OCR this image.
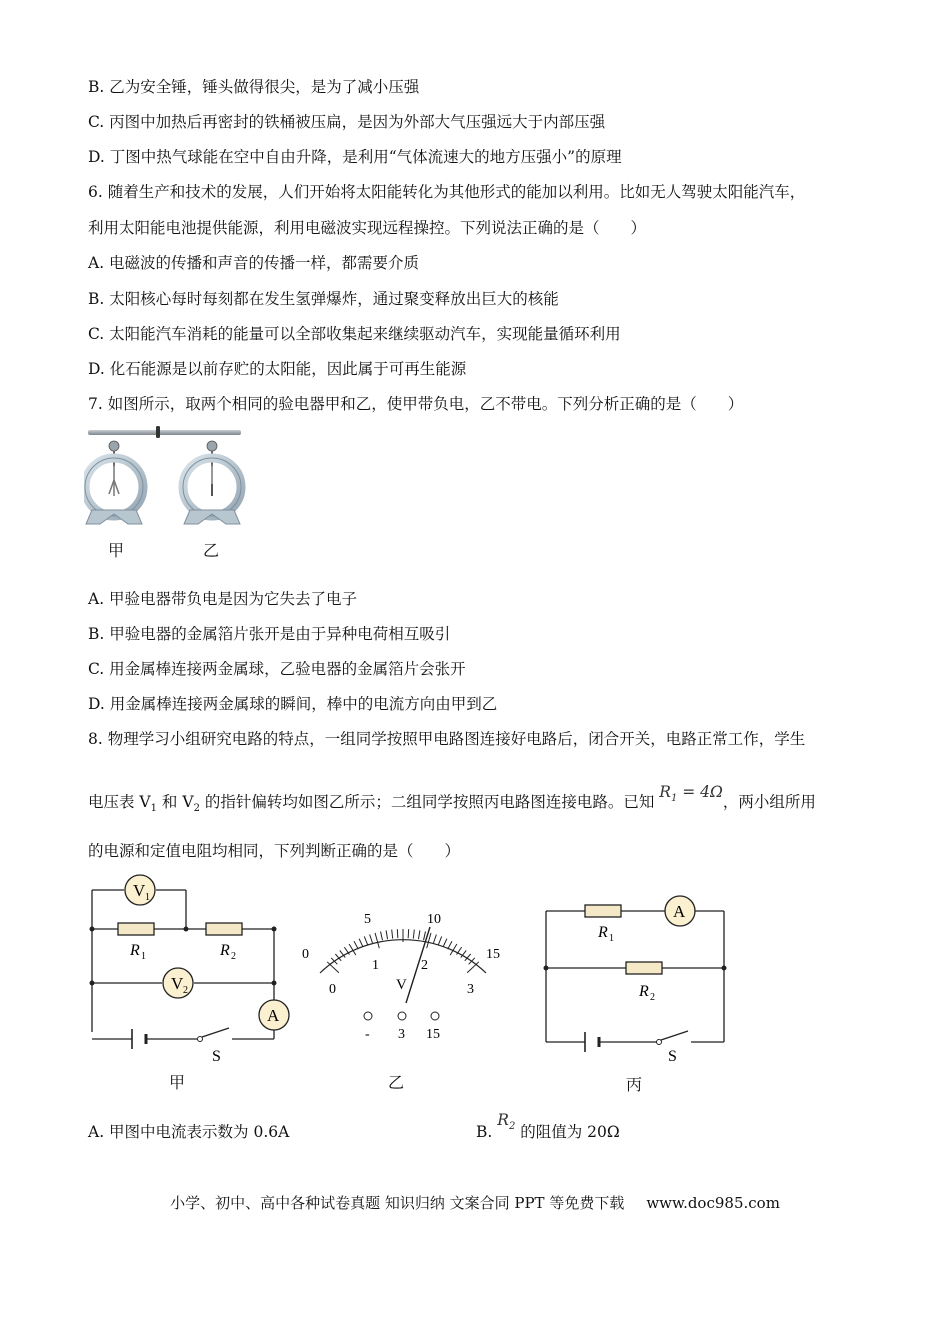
B. 乙为安全锤，锤头做得很尖，是为了减小压强
C. 丙图中加热后再密封的铁桶被压扁，是因为外部大气压强远大于内部压强
D. 丁图中热气球能在空中自由升降，是利用“气体流速大的地方压强小”的原理
6. 随着生产和技术的发展，人们开始将太阳能转化为其他形式的能加以利用。比如无人驾驶太阳能汽车，
利用太阳能电池提供能源，利用电磁波实现远程操控。下列说法正确的是（　　）
A. 电磁波的传播和声音的传播一样，都需要介质
B. 太阳核心每时每刻都在发生氢弹爆炸，通过聚变释放出巨大的核能
C. 太阳能汽车消耗的能量可以全部收集起来继续驱动汽车，实现能量循环利用
D. 化石能源是以前存贮的太阳能，因此属于可再生能源
7. 如图所示，取两个相同的验电器甲和乙，使甲带负电，乙不带电。下列分析正确的是（　　）
甲	乙
A. 甲验电器带负电是因为它失去了电子
B. 甲验电器的金属箔片张开是由于异种电荷相互吸引
C. 用金属棒连接两金属球，乙验电器的金属箔片会张开
D. 用金属棒连接两金属球的瞬间，棒中的电流方向由甲到乙
8. 物理学习小组研究电路的特点，一组同学按照甲电路图连接好电路后，闭合开关，电路正常工作，学生
电压表 $V_1$ 和 $V_2$ 的指针偏转均如图乙所示；二组同学按照丙电路图连接电路。已知 $R_1 = 4\Omega$，两小组所用
的电源和定值电阻均相同，下列判断正确的是（　　）
V 1
V 2
A
R 1	R 2
S
甲
0
5	10
15
0
1	2
3
V
- 3 15
乙
A
R 1
R 2
S
丙
A. 甲图中电流表示数为 0.6A	B. $R_2$ 的阻值为 20Ω
小学、初中、高中各种试卷真题 知识归纳 文案合同 PPT 等免费下载 www.doc985.com
